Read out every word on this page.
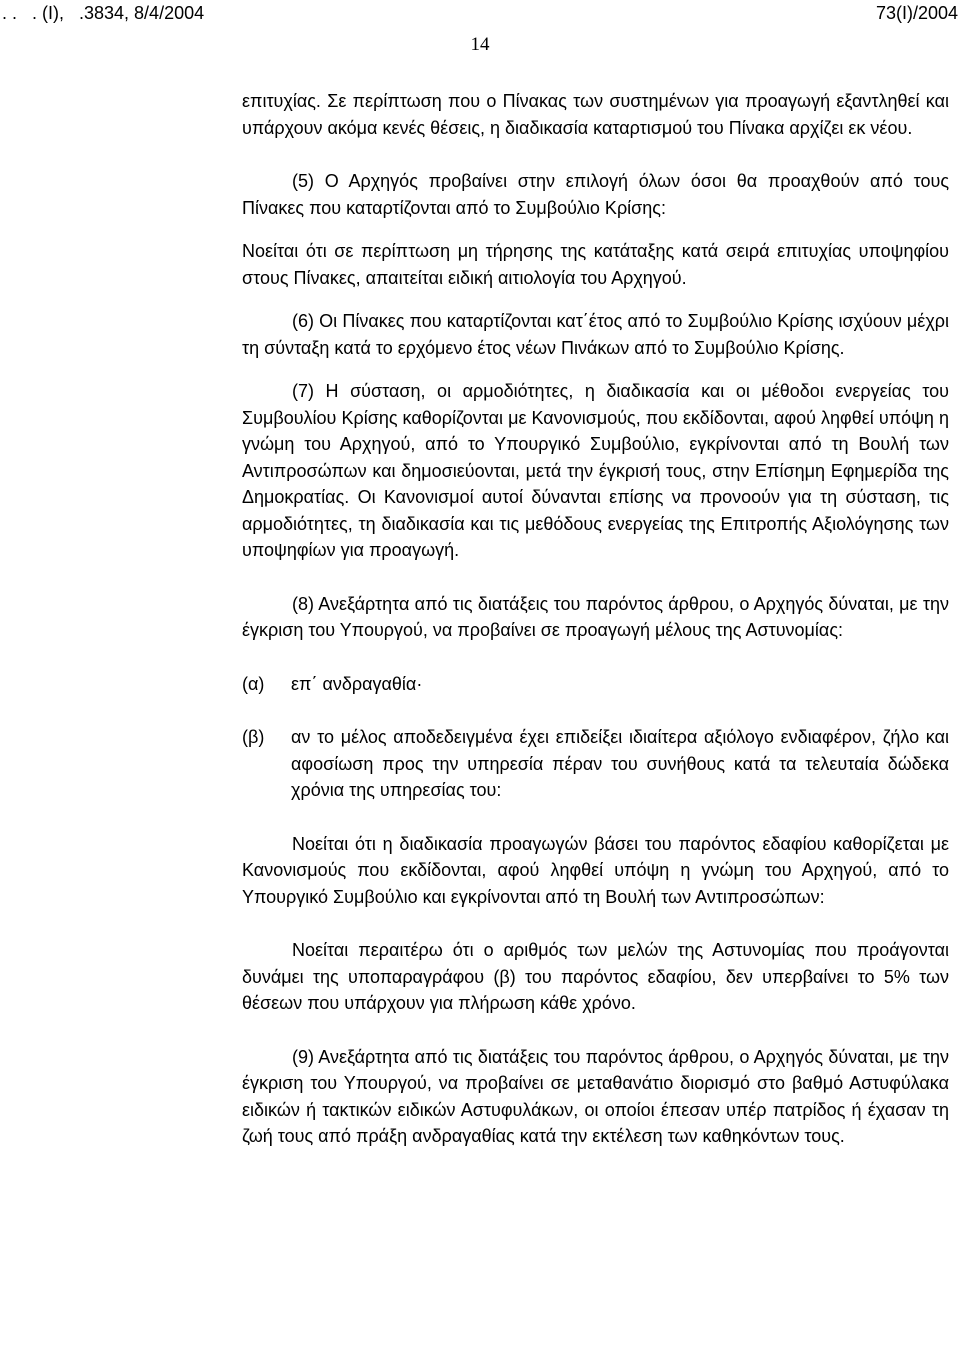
. .   . (Ι),   .3834, 8/4/2004	73(Ι)/2004
14

επιτυχίας. Σε περίπτωση που ο Πίνακας των συστημένων για προαγωγή εξαντληθεί και υπάρχουν ακόμα κενές θέσεις, η διαδικασία καταρτισμού του Πίνακα αρχίζει εκ νέου.

(5) Ο Αρχηγός προβαίνει στην επιλογή όλων όσοι θα προαχθούν από τους Πίνακες που καταρτίζονται από το Συμβούλιο Κρίσης:

Νοείται ότι σε περίπτωση μη τήρησης της κατάταξης κατά σειρά επιτυχίας υποψηφίου στους Πίνακες, απαιτείται ειδική αιτιολογία του Αρχηγού.

(6) Οι Πίνακες που καταρτίζονται κατ΄έτος από το Συμβούλιο Κρίσης ισχύουν μέχρι τη σύνταξη κατά το ερχόμενο έτος νέων Πινάκων από το Συμβούλιο Κρίσης.

(7) Η σύσταση, οι αρμοδιότητες, η διαδικασία και οι μέθοδοι ενεργείας του Συμβουλίου Κρίσης καθορίζονται με Κανονισμούς, που εκδίδονται, αφού ληφθεί υπόψη η γνώμη του Αρχηγού, από το Υπουργικό Συμβούλιο, εγκρίνονται από τη Βουλή των Αντιπροσώπων και δημοσιεύονται, μετά την έγκρισή τους, στην Επίσημη Εφημερίδα της Δημοκρατίας. Οι Κανονισμοί αυτοί δύνανται επίσης να προνοούν για τη σύσταση, τις αρμοδιότητες, τη διαδικασία και τις μεθόδους ενεργείας της Επιτροπής Αξιολόγησης των υποψηφίων για προαγωγή.

(8) Ανεξάρτητα από τις διατάξεις του παρόντος άρθρου, ο Αρχηγός δύναται, με την έγκριση του Υπουργού, να προβαίνει σε προαγωγή μέλους της Αστυνομίας:

(α) επ΄ ανδραγαθία·
(β) αν το μέλος αποδεδειγμένα έχει επιδείξει ιδιαίτερα αξιόλογο ενδιαφέρον, ζήλο και αφοσίωση προς την υπηρεσία πέραν του συνήθους κατά τα τελευταία δώδεκα χρόνια της υπηρεσίας του:

Νοείται ότι η διαδικασία προαγωγών βάσει του παρόντος εδαφίου καθορίζεται με Κανονισμούς που εκδίδονται, αφού ληφθεί υπόψη η γνώμη του Αρχηγού, από το Υπουργικό Συμβούλιο και εγκρίνονται από τη Βουλή των Αντιπροσώπων:

Νοείται περαιτέρω ότι ο αριθμός των μελών της Αστυνομίας που προάγονται δυνάμει της υποπαραγράφου (β) του παρόντος εδαφίου, δεν υπερβαίνει το 5% των θέσεων που υπάρχουν για πλήρωση κάθε χρόνο.

(9) Ανεξάρτητα από τις διατάξεις του παρόντος άρθρου, ο Αρχηγός δύναται, με την έγκριση του Υπουργού, να προβαίνει σε μεταθανάτιο διορισμό στο βαθμό Αστυφύλακα ειδικών ή τακτικών ειδικών Αστυφυλάκων, οι οποίοι έπεσαν υπέρ πατρίδος ή έχασαν τη ζωή τους από πράξη ανδραγαθίας κατά την εκτέλεση των καθηκόντων τους.
